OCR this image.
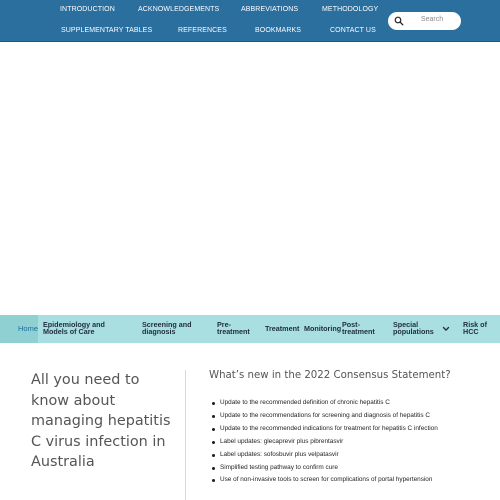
INTRODUCTION	ACKNOWLEDGEMENTS	ABBREVIATIONS	METHODOLOGY
SUPPLEMENTARY TABLES	REFERENCES	BOOKMARKS	CONTACT US
Search
Home Epidemiology and
Models of Care
Screening and
diagnosis
Pre-
treatment	Treatment Monitoring Post-
treatment
Special
populations
Risk of
HCC
All you need to know about managing hepatitis C virus infection in Australia
What’s new in the 2022 Consensus Statement?
Update to the recommended definition of chronic hepatitis C
Update to the recommendations for screening and diagnosis of hepatitis C
Update to the recommended indications for treatment for hepatitis C infection
Label updates: glecaprevir plus pibrentasvir
Label updates: sofosbuvir plus velpatasvir
Simplified testing pathway to confirm cure
Use of non-invasive tools to screen for complications of portal hypertension
